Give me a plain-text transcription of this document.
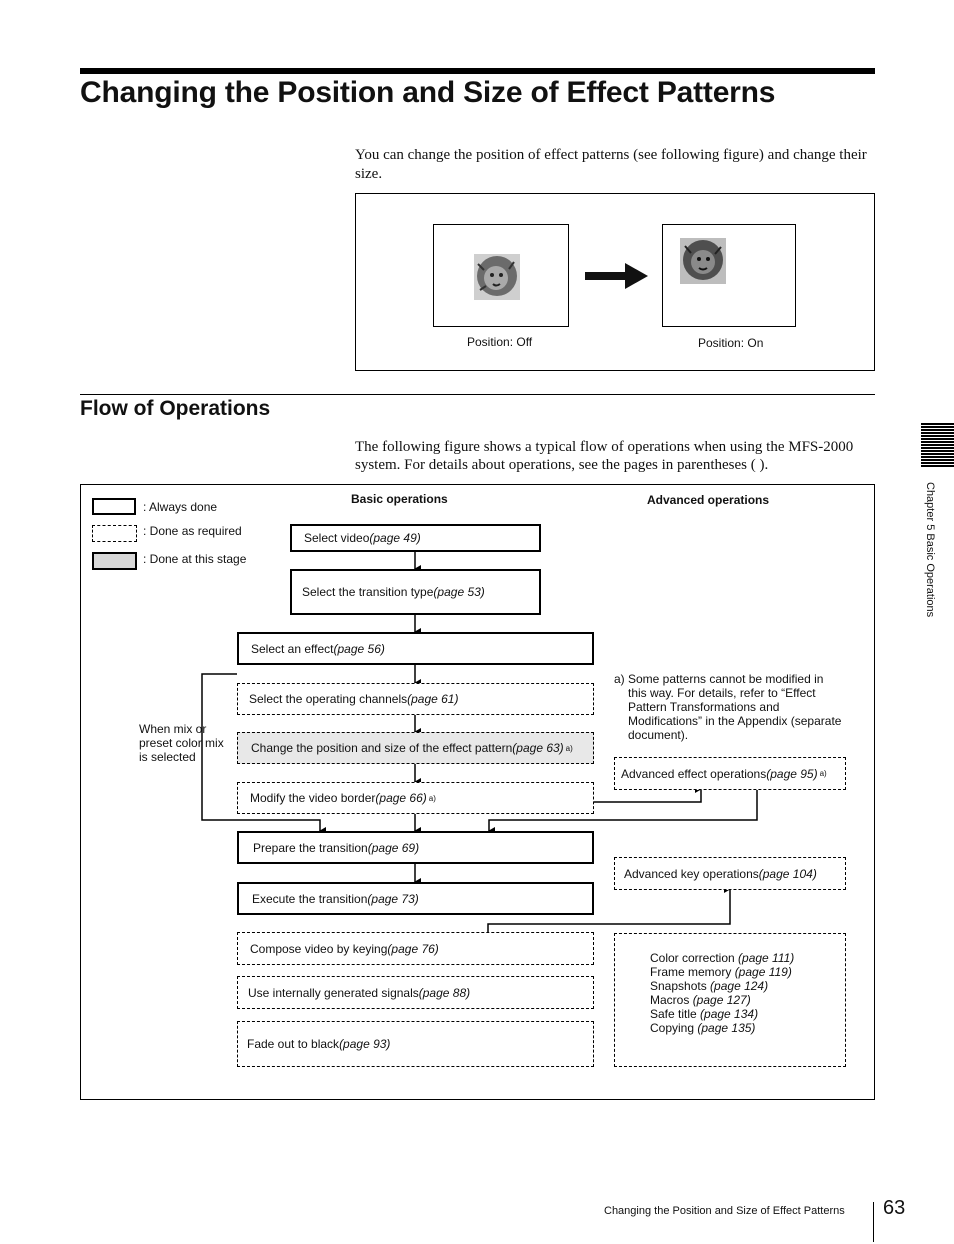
Changing the Position and Size of Effect Patterns
You can change the position of effect patterns (see following figure) and change their size.
Position: Off	Position: On
Flow of Operations
The following figure shows a typical flow of operations when using the MFS-2000 system. For details about operations, see the pages in parentheses ( ).
: Always done
: Done as required
: Done at this stage
Basic operations	Advanced operations
Select video (page 49)
Select the transition type (page 53)
Select an effect (page 56)
Select the operating channels (page 61)
Change the position and size of the effect pattern (page 63) a)
Modify the video border (page 66) a)
Prepare the transition (page 69)
Execute the transition (page 73)
Compose video by keying (page 76)
Use internally generated signals (page 88)
Fade out to black (page 93)
When mix or
preset color mix
is selected
a) Some patterns cannot be modified in this way. For details, refer to “Effect Pattern Transformations and Modifications” in the Appendix (separate document).
Advanced effect operations (page 95) a)
Advanced key operations (page 104)
Color correction (page 111)
Frame memory (page 119)
Snapshots (page 124)
Macros (page 127)
Safe title (page 134)
Copying (page 135)
Chapter 5 Basic Operations
Changing the Position and Size of Effect Patterns 63
